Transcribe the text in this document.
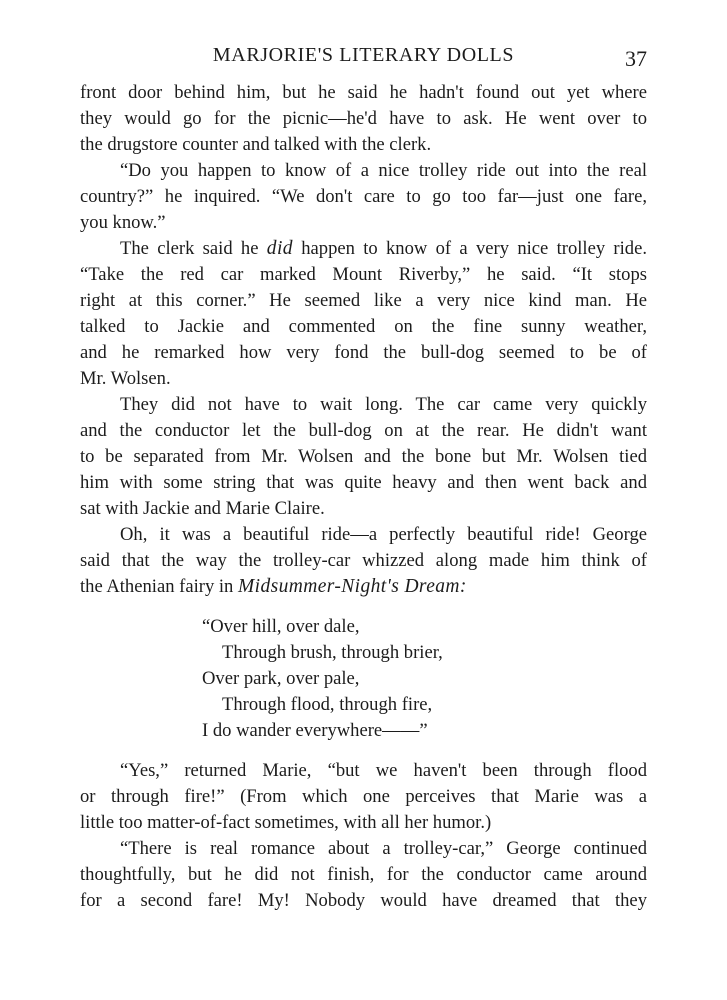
MARJORIE'S LITERARY DOLLS	37
front door behind him, but he said he hadn't found out yet where
they would go for the picnic—he'd have to ask. He went over to
the drugstore counter and talked with the clerk.
“Do you happen to know of a nice trolley ride out into the real
country?” he inquired. “We don't care to go too far—just one fare,
you know.”
The clerk said he did happen to know of a very nice trolley ride.
“Take the red car marked Mount Riverby,” he said. “It stops
right at this corner.” He seemed like a very nice kind man. He
talked to Jackie and commented on the fine sunny weather,
and he remarked how very fond the bull-dog seemed to be of
Mr. Wolsen.
They did not have to wait long. The car came very quickly
and the conductor let the bull-dog on at the rear. He didn't want
to be separated from Mr. Wolsen and the bone but Mr. Wolsen tied
him with some string that was quite heavy and then went back and
sat with Jackie and Marie Claire.
Oh, it was a beautiful ride—a perfectly beautiful ride! George
said that the way the trolley-car whizzed along made him think of
the Athenian fairy in Midsummer-Night's Dream:
“Over hill, over dale,
Through brush, through brier,
Over park, over pale,
Through flood, through fire,
I do wander everywhere——”
“Yes,” returned Marie, “but we haven't been through flood
or through fire!” (From which one perceives that Marie was a
little too matter-of-fact sometimes, with all her humor.)
“There is real romance about a trolley-car,” George continued
thoughtfully, but he did not finish, for the conductor came around
for a second fare! My! Nobody would have dreamed that they
